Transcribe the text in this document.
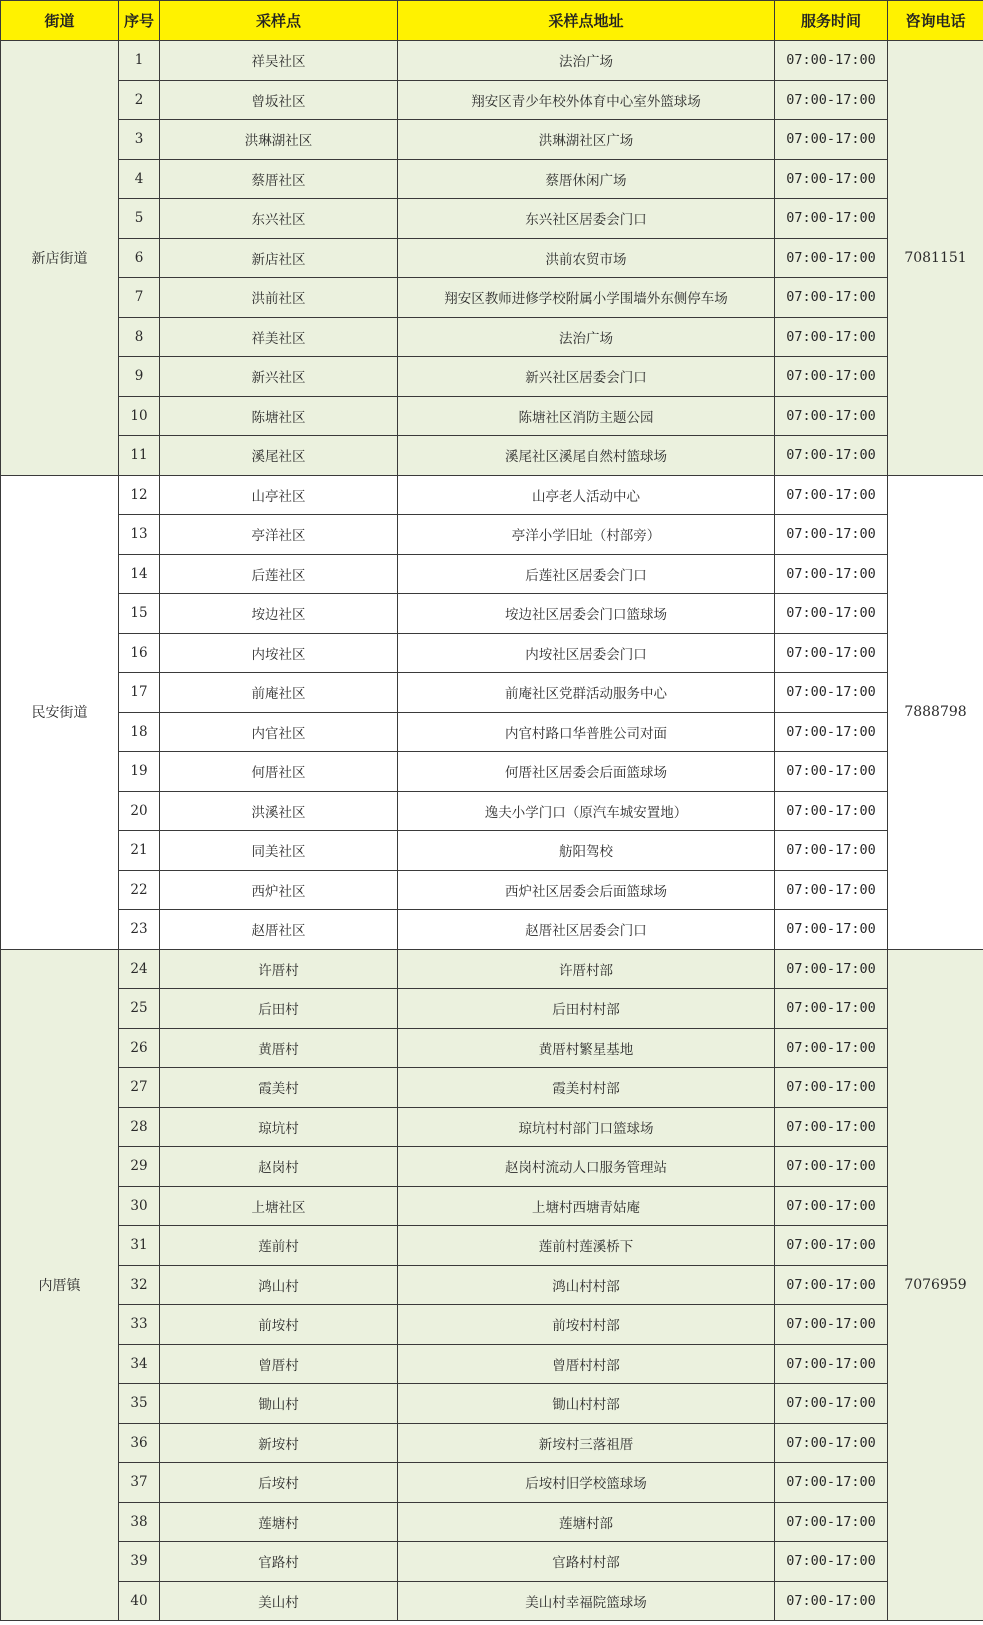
街道	序号	采样点	采样点地址	服务时间	咨询电话
新店街道	1	祥吴社区	法治广场	07:00-17:00	7081151
	2	曾坂社区	翔安区青少年校外体育中心室外篮球场	07:00-17:00	
	3	洪琳湖社区	洪琳湖社区广场	07:00-17:00	
	4	蔡厝社区	蔡厝休闲广场	07:00-17:00	
	5	东兴社区	东兴社区居委会门口	07:00-17:00	
	6	新店社区	洪前农贸市场	07:00-17:00	
	7	洪前社区	翔安区教师进修学校附属小学围墙外东侧停车场	07:00-17:00	
	8	祥美社区	法治广场	07:00-17:00	
	9	新兴社区	新兴社区居委会门口	07:00-17:00	
	10	陈塘社区	陈塘社区消防主题公园	07:00-17:00	
	11	溪尾社区	溪尾社区溪尾自然村篮球场	07:00-17:00	
民安街道	12	山亭社区	山亭老人活动中心	07:00-17:00	7888798
	13	亭洋社区	亭洋小学旧址（村部旁）	07:00-17:00	
	14	后莲社区	后莲社区居委会门口	07:00-17:00	
	15	垵边社区	垵边社区居委会门口篮球场	07:00-17:00	
	16	内垵社区	内垵社区居委会门口	07:00-17:00	
	17	前庵社区	前庵社区党群活动服务中心	07:00-17:00	
	18	内官社区	内官村路口华普胜公司对面	07:00-17:00	
	19	何厝社区	何厝社区居委会后面篮球场	07:00-17:00	
	20	洪溪社区	逸夫小学门口（原汽车城安置地）	07:00-17:00	
	21	同美社区	舫阳驾校	07:00-17:00	
	22	西炉社区	西炉社区居委会后面篮球场	07:00-17:00	
	23	赵厝社区	赵厝社区居委会门口	07:00-17:00	
内厝镇	24	许厝村	许厝村部	07:00-17:00	7076959
	25	后田村	后田村村部	07:00-17:00	
	26	黄厝村	黄厝村繁星基地	07:00-17:00	
	27	霞美村	霞美村村部	07:00-17:00	
	28	琼坑村	琼坑村村部门口篮球场	07:00-17:00	
	29	赵岗村	赵岗村流动人口服务管理站	07:00-17:00	
	30	上塘社区	上塘村西塘青姑庵	07:00-17:00	
	31	莲前村	莲前村莲溪桥下	07:00-17:00	
	32	鸿山村	鸿山村村部	07:00-17:00	
	33	前垵村	前垵村村部	07:00-17:00	
	34	曾厝村	曾厝村村部	07:00-17:00	
	35	锄山村	锄山村村部	07:00-17:00	
	36	新垵村	新垵村三落祖厝	07:00-17:00	
	37	后垵村	后垵村旧学校篮球场	07:00-17:00	
	38	莲塘村	莲塘村部	07:00-17:00	
	39	官路村	官路村村部	07:00-17:00	
	40	美山村	美山村幸福院篮球场	07:00-17:00	
